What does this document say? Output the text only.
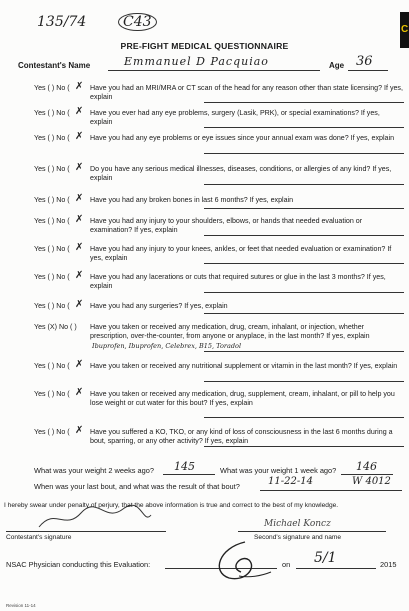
135/74	C43	C
PRE-FIGHT MEDICAL QUESTIONNAIRE
Contestant's Name	Emmanuel D Pacquiao	Age 36
Yes ( ) No ( ✗ Have you had an MRI/MRA or CT scan of the head for any reason other than state licensing? If yes, explain
Yes ( ) No ( ✗ Have you ever had any eye problems, surgery (Lasik, PRK), or special examinations? If yes, explain
Yes ( ) No ( ✗ Have you had any eye problems or eye issues since your annual exam was done? If yes, explain
Yes ( ) No ( ✗ Do you have any serious medical illnesses, diseases, conditions, or allergies of any kind? If yes, explain
Yes ( ) No ( ✗ Have you had any broken bones in last 6 months? If yes, explain
Yes ( ) No ( ✗ Have you had any injury to your shoulders, elbows, or hands that needed evaluation or examination? If yes, explain
Yes ( ) No ( ✗ Have you had any injury to your knees, ankles, or feet that needed evaluation or examination? If yes, explain
Yes ( ) No ( ✗ Have you had any lacerations or cuts that required sutures or glue in the last 3 months? If yes, explain
Yes ( ) No ( ✗ Have you had any surgeries? If yes, explain
Yes (X) No ( ) Have you taken or received any medication, drug, cream, inhalant, or injection, whether prescription, over-the-counter, from anyone or anyplace, in the last month? If yes, explain
Ibuprofen, Ibuprofen, Celebrex, B15, Toradol
Yes ( ) No ( ✗ Have you taken or received any nutritional supplement or vitamin in the last month? If yes, explain
Yes ( ) No ( ✗ Have you taken or received any medication, drug, supplement, cream, inhalant, or pill to help you lose weight or cut water for this bout? If yes, explain
Yes ( ) No ( ✗ Have you suffered a KO, TKO, or any kind of loss of consciousness in the last 6 months during a bout, sparring, or any other activity? If yes, explain
What was your weight 2 weeks ago? 145	What was your weight 1 week ago? 146
When was your last bout, and what was the result of that bout?	11-22-14	W 4012
I hereby swear under penalty of perjury, that the above information is true and correct to the best of my knowledge.
Contestant's signature
Michael Koncz
Second's signature and name
NSAC Physician conducting this Evaluation:	on 5/1	2015
Revision 11-14
